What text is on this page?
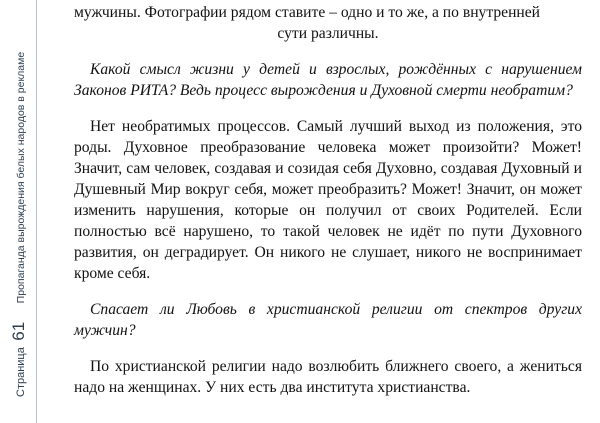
Страница 61 Пропаганда вырождения белых народов в рекламе

мужчины. Фотографии рядом ставите – одно и то же, а по внутренней

сути различны.

Какой смысл жизни у детей и взрослых, рождённых с нарушением Законов РИТА? Ведь процесс вырождения и Духовной смерти необратим?

Нет необратимых процессов. Самый лучший выход из положения, это роды. Духовное преобразование человека может произойти? Может! Значит, сам человек, создавая и созидая себя Духовно, создавая Духовный и Душевный Мир вокруг себя, может преобразить? Может! Значит, он может изменить нарушения, которые он получил от своих Родителей. Если полностью всё нарушено, то такой человек не идёт по пути Духовного развития, он деградирует. Он никого не слушает, никого не воспринимает кроме себя.

Спасает ли Любовь в христианской религии от спектров других мужчин?

По христианской религии надо возлюбить ближнего своего, а жениться надо на женщинах. У них есть два института христианства.
